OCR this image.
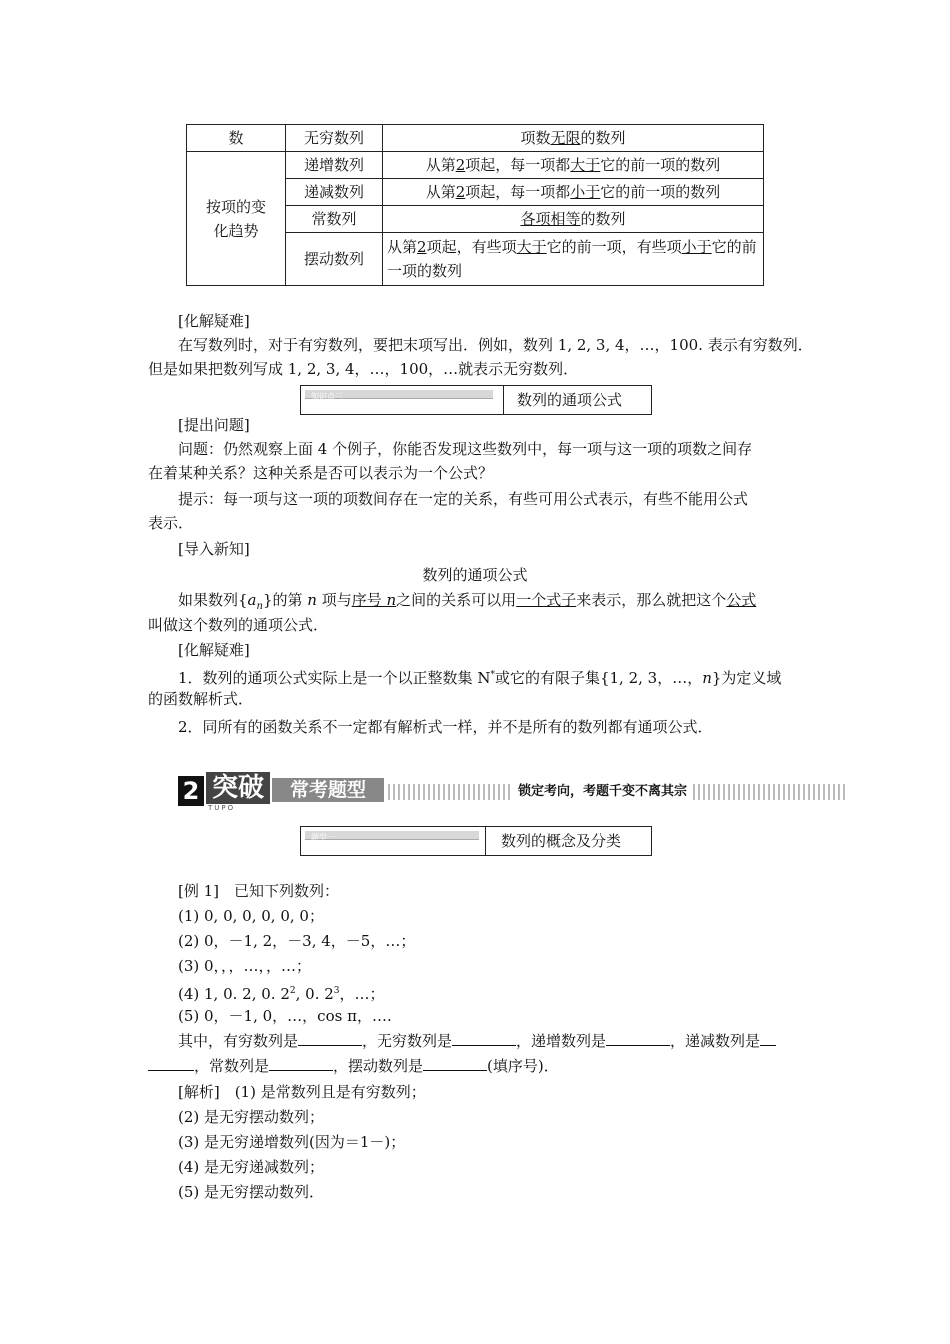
数	无穷数列	项数无限的数列
按项的变化趋势	递增数列	从第2项起，每一项都大于它的前一项的数列
	递减数列	从第2项起，每一项都小于它的前一项的数列
	常数列	各项相等的数列
	摆动数列	从第2项起，有些项大于它的前一项，有些项小于它的前一项的数列
[化解疑难]
在写数列时，对于有穷数列，要把末项写出．例如，数列 1, 2, 3, 4，…，100. 表示有穷数列．
但是如果把数列写成 1, 2, 3, 4，…，100，…就表示无穷数列．
知识点三	数列的通项公式
[提出问题]
问题：仍然观察上面 4 个例子，你能否发现这些数列中，每一项与这一项的项数之间存
在着某种关系？这种关系是否可以表示为一个公式？
提示：每一项与这一项的项数间存在一定的关系，有些可用公式表示，有些不能用公式
表示．
[导入新知]
数列的通项公式
如果数列$\{a_n\}$的第 n 项与序号 n之间的关系可以用一个式子来表示，那么就把这个公式
叫做这个数列的通项公式．
[化解疑难]
1．数列的通项公式实际上是一个以正整数集 N*或它的有限子集{1, 2, 3，…，n}为定义域
的函数解析式．
2．同所有的函数关系不一定都有解析式一样，并不是所有的数列都有通项公式．
2 突破	常考题型
TUPO
锁定考向，考题千变不离其宗
题型一	数列的概念及分类
[例 1]　已知下列数列：
(1) 0, 0, 0, 0, 0, 0；
(2) 0，－1, 2，－3, 4，－5，…；
(3) 0，，，…，，…；
(4) 1, 0. 2, 0. $2^2$, 0. $2^3$，…；
(5) 0，－1, 0，…，cos π，….
其中，有穷数列是	，无穷数列是	，递增数列是	，递减数列是
，常数列是	，摆动数列是	(填序号)．
[解析]　(1) 是常数列且是有穷数列；
(2) 是无穷摆动数列；
(3) 是无穷递增数列(因为＝1－)；
(4) 是无穷递减数列；
(5) 是无穷摆动数列．
